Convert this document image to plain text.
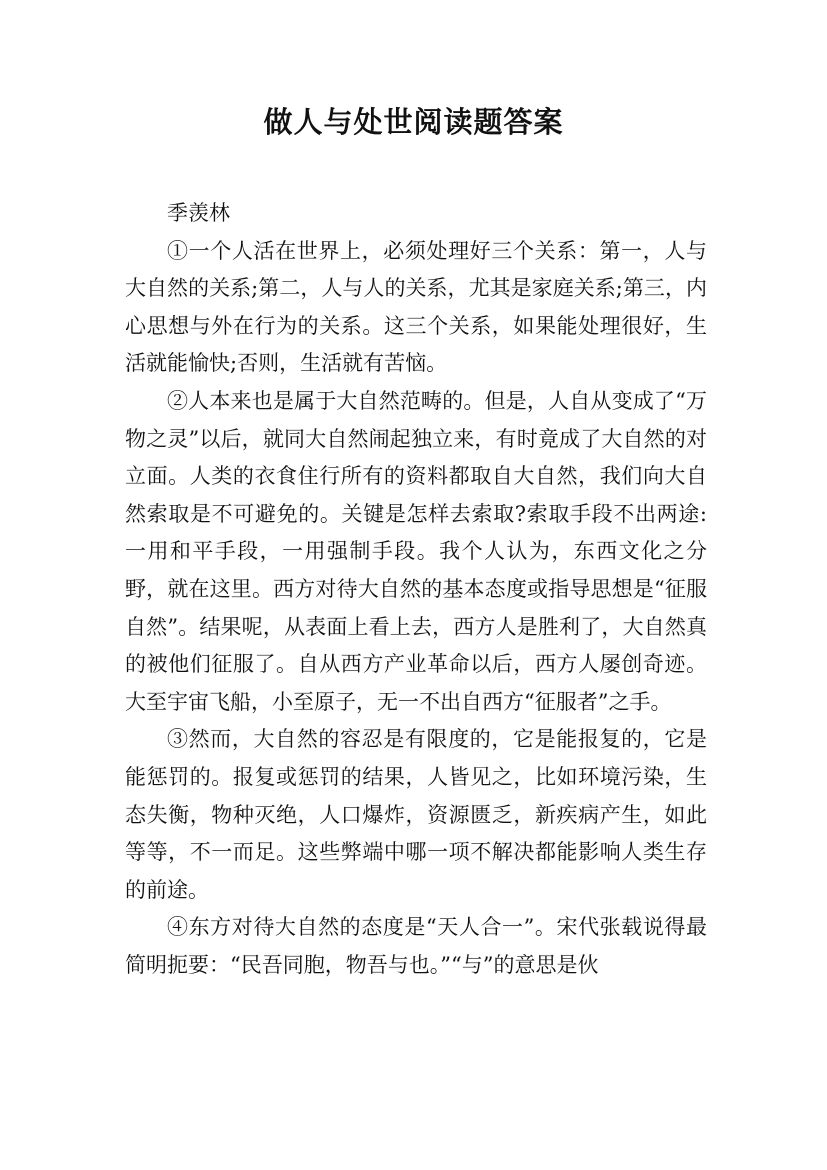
做人与处世阅读题答案

季羡林

①一个人活在世界上，必须处理好三个关系：第一，人与大自然的关系;第二，人与人的关系，尤其是家庭关系;第三，内心思想与外在行为的关系。这三个关系，如果能处理很好，生活就能愉快;否则，生活就有苦恼。

②人本来也是属于大自然范畴的。但是，人自从变成了“万物之灵”以后，就同大自然闹起独立来，有时竟成了大自然的对立面。人类的衣食住行所有的资料都取自大自然，我们向大自然索取是不可避免的。关键是怎样去索取?索取手段不出两途:一用和平手段，一用强制手段。我个人认为，东西文化之分野，就在这里。西方对待大自然的基本态度或指导思想是“征服自然”。结果呢，从表面上看上去，西方人是胜利了，大自然真的被他们征服了。自从西方产业革命以后，西方人屡创奇迹。大至宇宙飞船，小至原子，无一不出自西方“征服者”之手。

③然而，大自然的容忍是有限度的，它是能报复的，它是能惩罚的。报复或惩罚的结果，人皆见之，比如环境污染，生态失衡，物种灭绝，人口爆炸，资源匮乏，新疾病产生，如此等等，不一而足。这些弊端中哪一项不解决都能影响人类生存的前途。

④东方对待大自然的态度是“天人合一”。宋代张载说得最简明扼要：“民吾同胞，物吾与也。”“与”的意思是伙
